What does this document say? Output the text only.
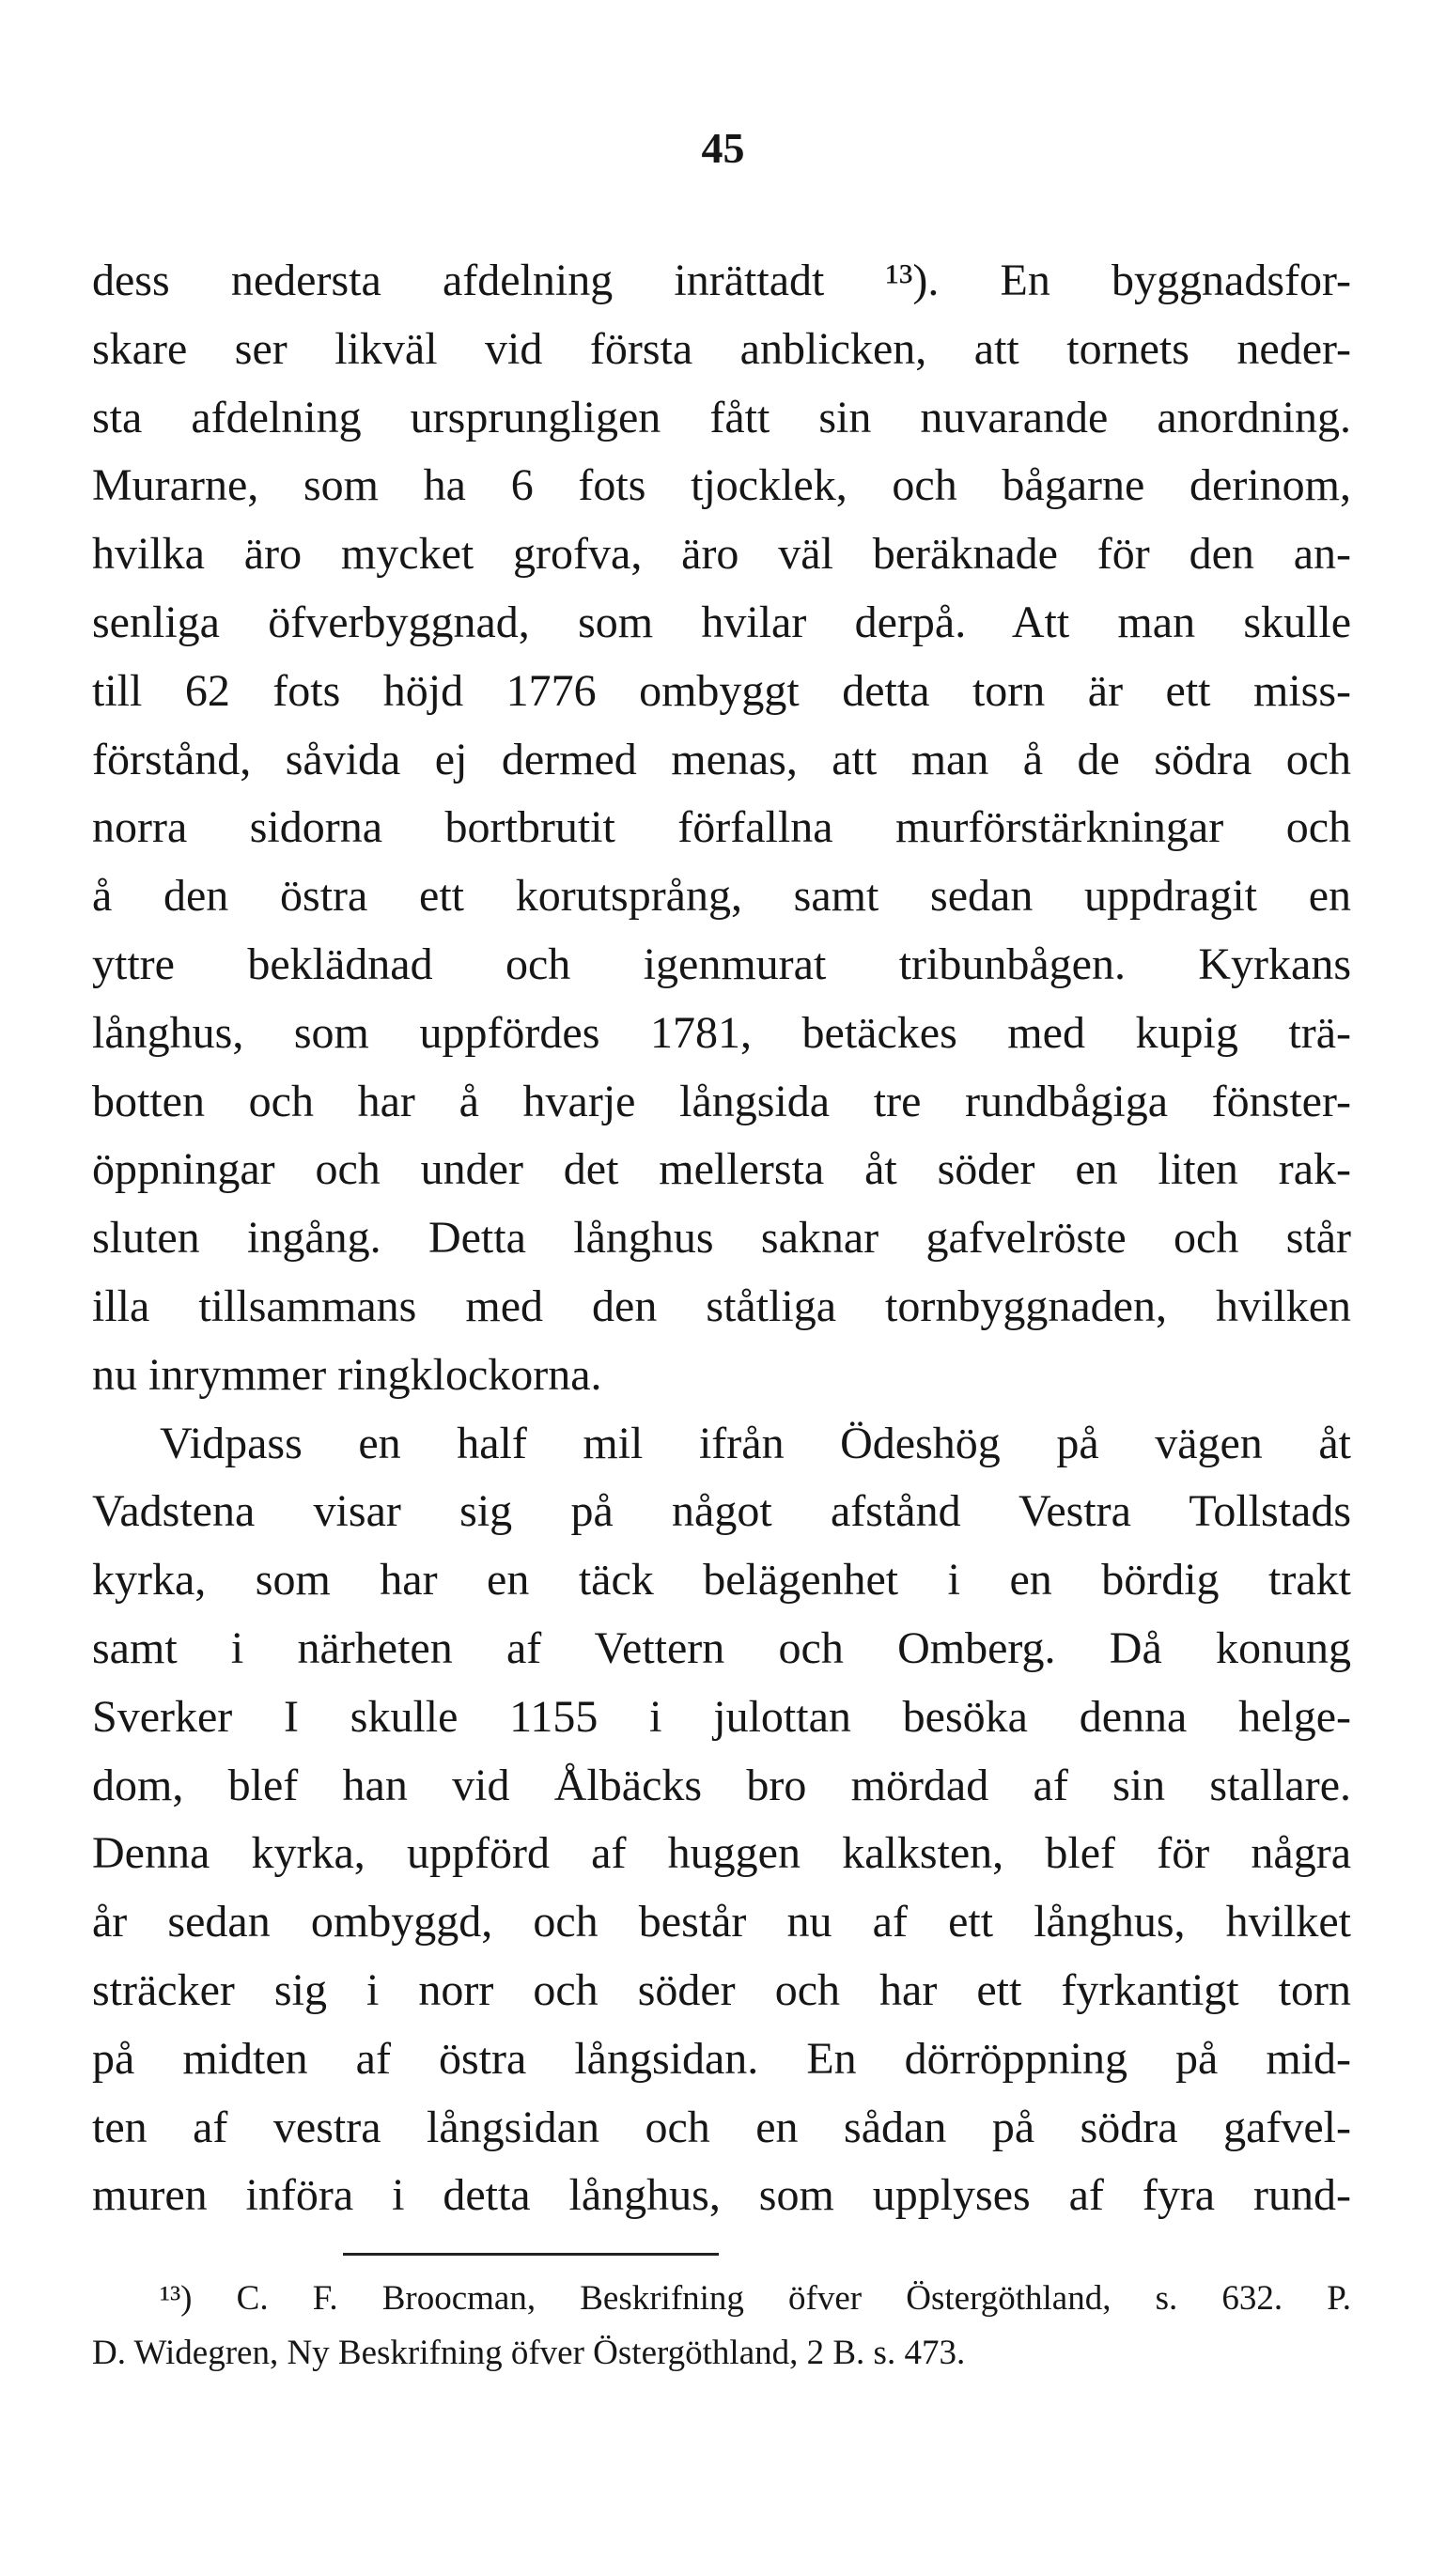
45
dess nedersta afdelning inrättadt ¹³). En byggnadsfor-
skare ser likväl vid första anblicken, att tornets neder-
sta afdelning ursprungligen fått sin nuvarande anordning.
Murarne, som ha 6 fots tjocklek, och bågarne derinom,
hvilka äro mycket grofva, äro väl beräknade för den an-
senliga öfverbyggnad, som hvilar derpå. Att man skulle
till 62 fots höjd 1776 ombyggt detta torn är ett miss-
förstånd, såvida ej dermed menas, att man å de södra och
norra sidorna bortbrutit förfallna murförstärkningar och
å den östra ett korutsprång, samt sedan uppdragit en
yttre beklädnad och igenmurat tribunbågen. Kyrkans
långhus, som uppfördes 1781, betäckes med kupig trä-
botten och har å hvarje långsida tre rundbågiga fönster-
öppningar och under det mellersta åt söder en liten rak-
sluten ingång. Detta långhus saknar gafvelröste och står
illa tillsammans med den ståtliga tornbyggnaden, hvilken
nu inrymmer ringklockorna.
Vidpass en half mil ifrån Ödeshög på vägen åt
Vadstena visar sig på något afstånd Vestra Tollstads
kyrka, som har en täck belägenhet i en bördig trakt
samt i närheten af Vettern och Omberg. Då konung
Sverker I skulle 1155 i julottan besöka denna helge-
dom, blef han vid Ålbäcks bro mördad af sin stallare.
Denna kyrka, uppförd af huggen kalksten, blef för några
år sedan ombyggd, och består nu af ett långhus, hvilket
sträcker sig i norr och söder och har ett fyrkantigt torn
på midten af östra långsidan. En dörröppning på mid-
ten af vestra långsidan och en sådan på södra gafvel-
muren införa i detta långhus, som upplyses af fyra rund-
¹³) C. F. Broocman, Beskrifning öfver Östergöthland, s. 632. P.
D. Widegren, Ny Beskrifning öfver Östergöthland, 2 B. s. 473.
